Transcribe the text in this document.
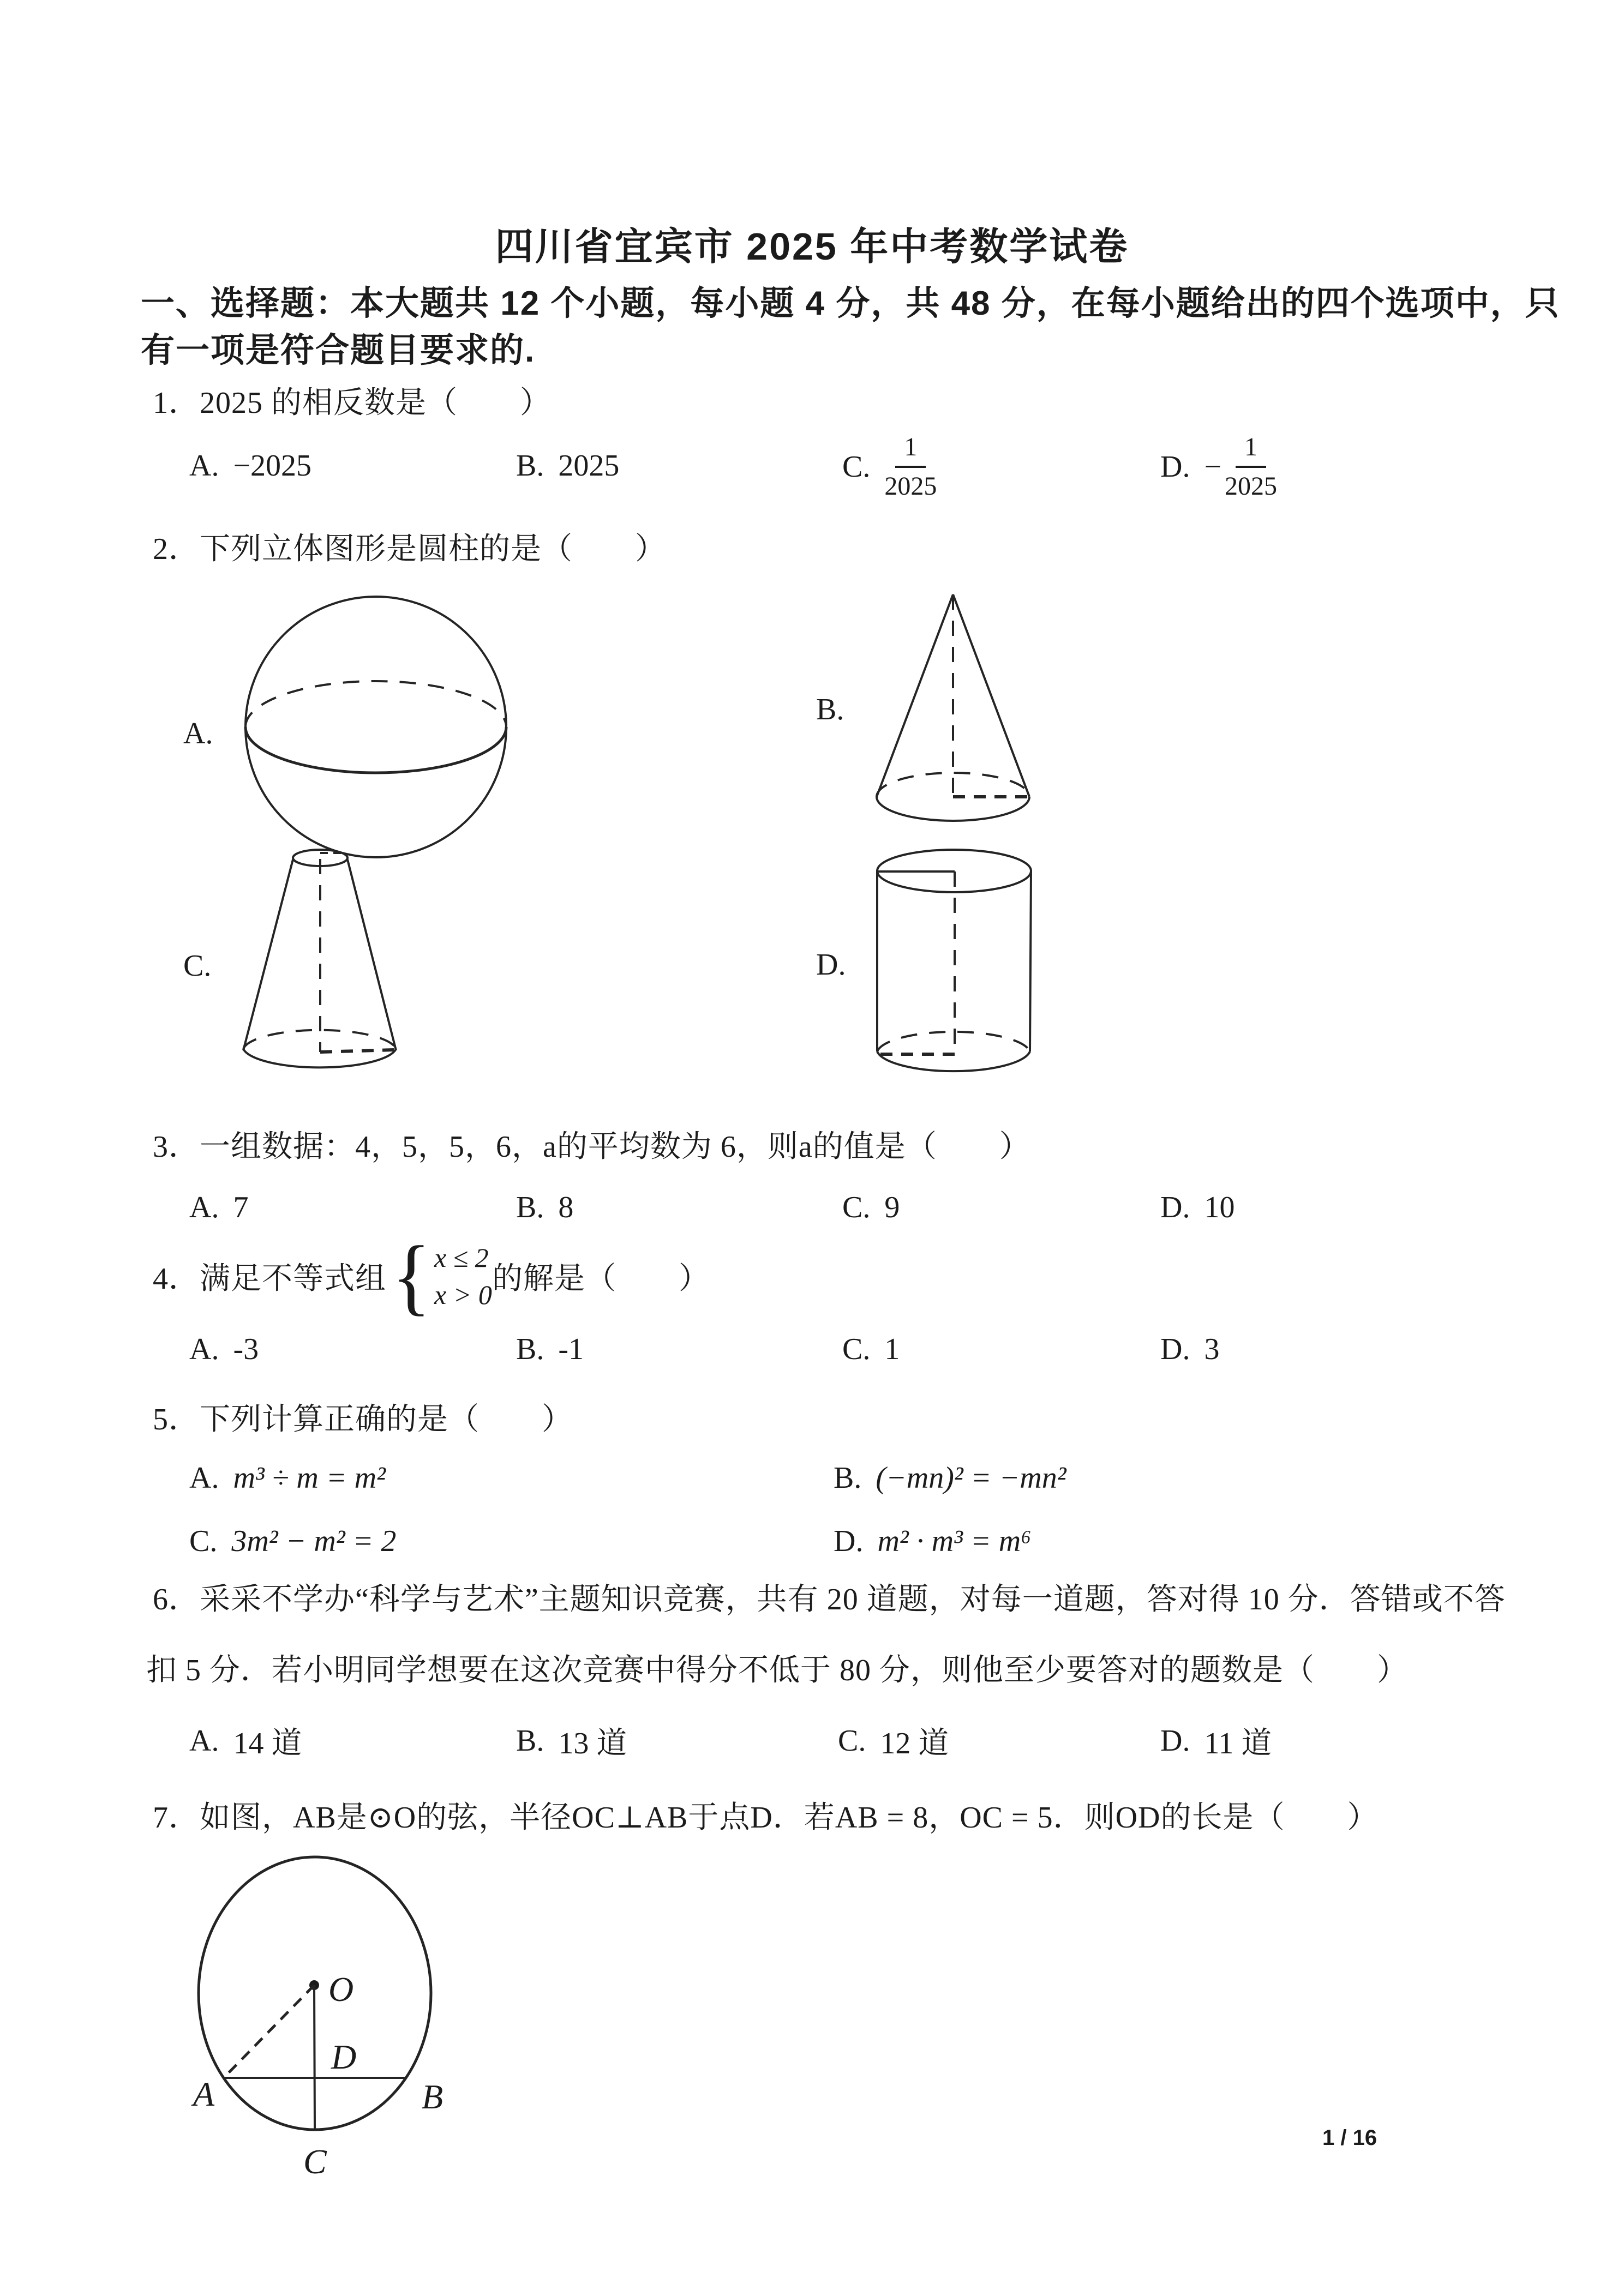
四川省宜宾市 2025 年中考数学试卷
一、选择题：本大题共 12 个小题，每小题 4 分，共 48 分，在每小题给出的四个选项中，只
有一项是符合题目要求的.
1．2025 的相反数是（　　）
A. −2025	B. 2025	C. $\frac{1}{2025}$	D. − $\frac{1}{2025}$
2．下列立体图形是圆柱的是（　　）
A.
B.
C.	D.
3．一组数据：4，5，5，6，a的平均数为 6，则a的值是（　　）
A. 7	B. 8	C. 9	D. 10
4．满足不等式组 { x ≤ 2
x > 0 的解是（　　）
A. -3	B. -1	C. 1	D. 3
5．下列计算正确的是（　　）
A. m³ ÷ m = m²	B. (−mn)² = −mn²
C. 3m² − m² = 2	D. m² · m³ = m⁶
6．采采不学办“科学与艺术”主题知识竞赛，共有 20 道题，对每一道题，答对得 10 分．答错或不答
扣 5 分．若小明同学想要在这次竞赛中得分不低于 80 分，则他至少要答对的题数是（　　）
A. 14 道	B. 13 道	C. 12 道	D. 11 道
7．如图，AB是⊙O的弦，半径OC⊥AB于点D．若AB = 8，OC = 5．则OD的长是（　　）
O
D
A	B
C
1 / 16
